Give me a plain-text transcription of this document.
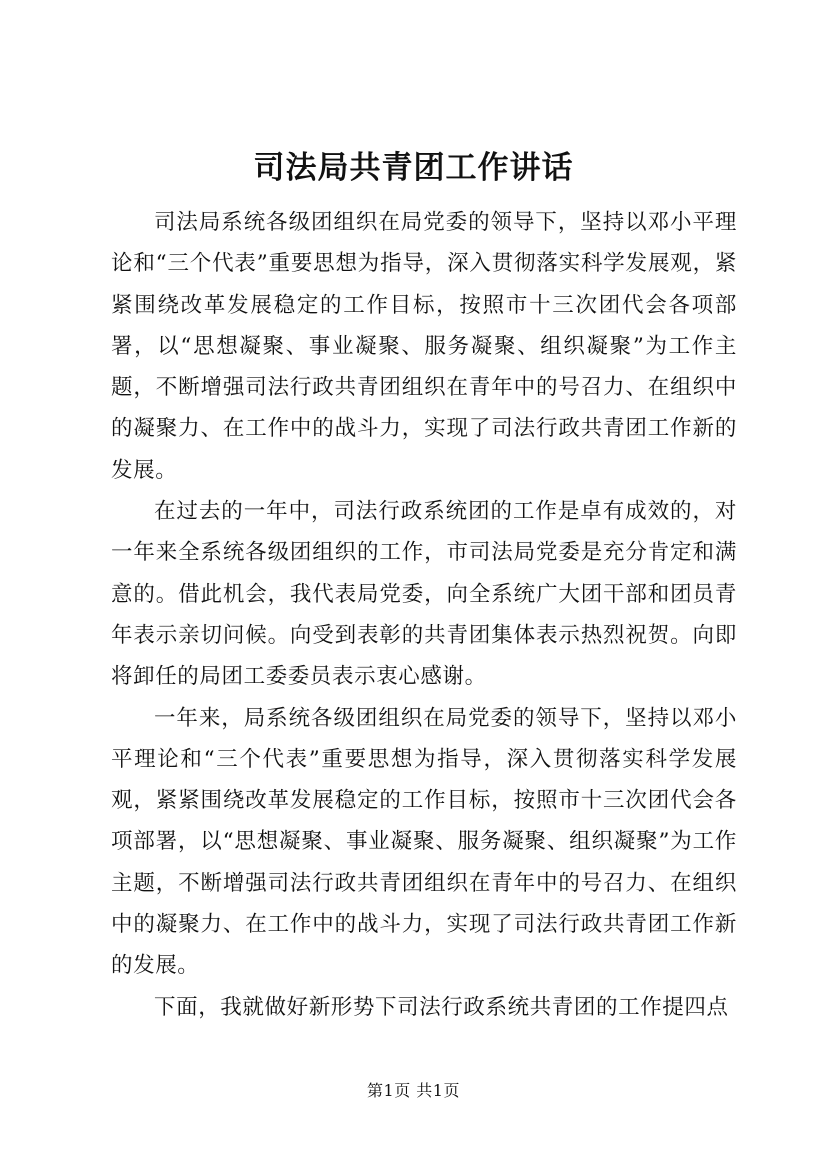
司法局共青团工作讲话

司法局系统各级团组织在局党委的领导下，坚持以邓小平理论和“三个代表”重要思想为指导，深入贯彻落实科学发展观，紧紧围绕改革发展稳定的工作目标，按照市十三次团代会各项部署，以“思想凝聚、事业凝聚、服务凝聚、组织凝聚”为工作主题，不断增强司法行政共青团组织在青年中的号召力、在组织中的凝聚力、在工作中的战斗力，实现了司法行政共青团工作新的发展。

在过去的一年中，司法行政系统团的工作是卓有成效的，对一年来全系统各级团组织的工作，市司法局党委是充分肯定和满意的。借此机会，我代表局党委，向全系统广大团干部和团员青年表示亲切问候。向受到表彰的共青团集体表示热烈祝贺。向即将卸任的局团工委委员表示衷心感谢。

一年来，局系统各级团组织在局党委的领导下，坚持以邓小平理论和“三个代表”重要思想为指导，深入贯彻落实科学发展观，紧紧围绕改革发展稳定的工作目标，按照市十三次团代会各项部署，以“思想凝聚、事业凝聚、服务凝聚、组织凝聚”为工作主题，不断增强司法行政共青团组织在青年中的号召力、在组织中的凝聚力、在工作中的战斗力，实现了司法行政共青团工作新的发展。

下面，我就做好新形势下司法行政系统共青团的工作提四点

第1页 共1页
